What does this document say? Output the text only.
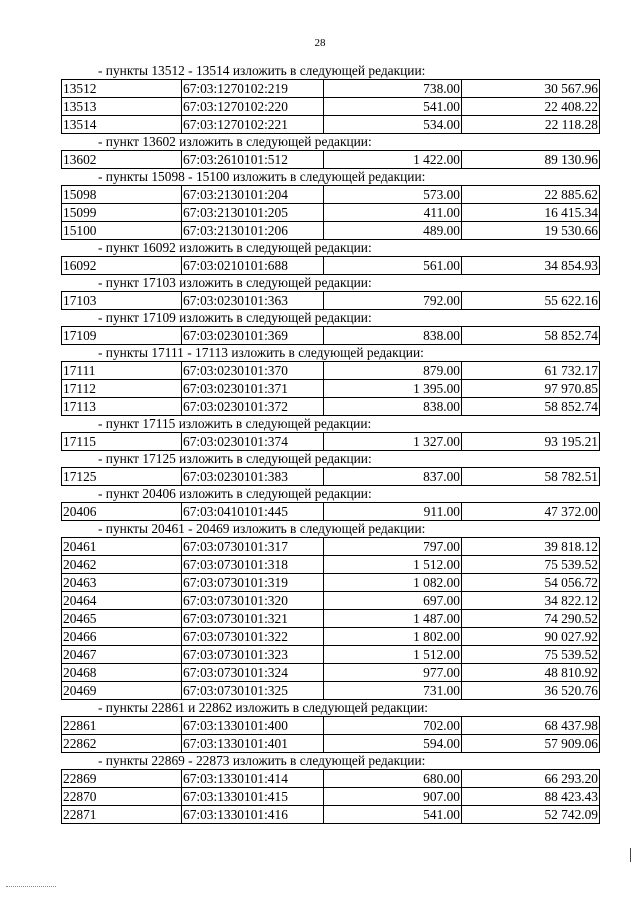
28
- пункты 13512 - 13514 изложить в следующей редакции:
13512	67:03:1270102:219	738.00	30 567.96
13513	67:03:1270102:220	541.00	22 408.22
13514	67:03:1270102:221	534.00	22 118.28
- пункт 13602 изложить в следующей редакции:
13602	67:03:2610101:512	1 422.00	89 130.96
- пункты 15098 - 15100 изложить в следующей редакции:
15098	67:03:2130101:204	573.00	22 885.62
15099	67:03:2130101:205	411.00	16 415.34
15100	67:03:2130101:206	489.00	19 530.66
- пункт 16092 изложить в следующей редакции:
16092	67:03:0210101:688	561.00	34 854.93
- пункт 17103 изложить в следующей редакции:
17103	67:03:0230101:363	792.00	55 622.16
- пункт 17109 изложить в следующей редакции:
17109	67:03:0230101:369	838.00	58 852.74
- пункты 17111 - 17113 изложить в следующей редакции:
17111	67:03:0230101:370	879.00	61 732.17
17112	67:03:0230101:371	1 395.00	97 970.85
17113	67:03:0230101:372	838.00	58 852.74
- пункт 17115 изложить в следующей редакции:
17115	67:03:0230101:374	1 327.00	93 195.21
- пункт 17125 изложить в следующей редакции:
17125	67:03:0230101:383	837.00	58 782.51
- пункт 20406 изложить в следующей редакции:
20406	67:03:0410101:445	911.00	47 372.00
- пункты 20461 - 20469 изложить в следующей редакции:
20461	67:03:0730101:317	797.00	39 818.12
20462	67:03:0730101:318	1 512.00	75 539.52
20463	67:03:0730101:319	1 082.00	54 056.72
20464	67:03:0730101:320	697.00	34 822.12
20465	67:03:0730101:321	1 487.00	74 290.52
20466	67:03:0730101:322	1 802.00	90 027.92
20467	67:03:0730101:323	1 512.00	75 539.52
20468	67:03:0730101:324	977.00	48 810.92
20469	67:03:0730101:325	731.00	36 520.76
- пункты 22861 и 22862 изложить в следующей редакции:
22861	67:03:1330101:400	702.00	68 437.98
22862	67:03:1330101:401	594.00	57 909.06
- пункты 22869 - 22873 изложить в следующей редакции:
22869	67:03:1330101:414	680.00	66 293.20
22870	67:03:1330101:415	907.00	88 423.43
22871	67:03:1330101:416	541.00	52 742.09
